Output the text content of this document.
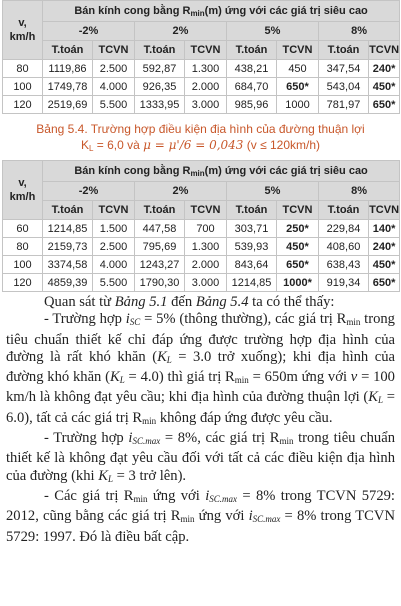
v,
km/h	Bán kính cong bằng $R_{min}(m)$ ứng với các giá trị siêu cao							
	-2%		2%		5%		8%	
	T.toán	TCVN	T.toán	TCVN	T.toán	TCVN	T.toán	TCVN
80	1119,86	2.500	592,87	1.300	438,21	450	347,54	240*
100	1749,78	4.000	926,35	2.000	684,70	650*	543,04	450*
120	2519,69	5.500	1333,95	3.000	985,96	1000	781,97	650*
Bảng 5.4. Trường hợp điều kiện địa hình của đường thuận lợi
$K_L = 6,0$ và μ = μ'/6 = 0,043 (v ≤ 120km/h)
v,
km/h	Bán kính cong bằng $R_{min}(m)$ ứng với các giá trị siêu cao							
	-2%		2%		5%		8%	
	T.toán	TCVN	T.toán	TCVN	T.toán	TCVN	T.toán	TCVN
60	1214,85	1.500	447,58	700	303,71	250*	229,84	140*
80	2159,73	2.500	795,69	1.300	539,93	450*	408,60	240*
100	3374,58	4.000	1243,27	2.000	843,64	650*	638,43	450*
120	4859,39	5.500	1790,30	3.000	1214,85	1000*	919,34	650*

Quan sát từ Bảng 5.1 đến Bảng 5.4 ta có thể thấy:

- Trường hợp iSC = 5% (thông thường), các giá trị Rmin trong tiêu chuẩn thiết kế chỉ đáp ứng được trường hợp địa hình của đường là rất khó khăn (KL = 3.0 trở xuống); khi địa hình của đường khó khăn (KL = 4.0) thì giá trị Rmin = 650m ứng với v = 100 km/h là không đạt yêu cầu; khi địa hình của đường thuận lợi (KL = 6.0), tất cả các giá trị Rmin không đáp ứng được yêu cầu.

- Trường hợp iSC.max = 8%, các giá trị Rmin trong tiêu chuẩn thiết kế là không đạt yêu cầu đối với tất cả các điều kiện địa hình của đường (khi KL = 3 trở lên).

- Các giá trị Rmin ứng với iSC.max = 8% trong TCVN 5729: 2012, cũng bằng các giá trị Rmin ứng với iSC.max = 8% trong TCVN 5729: 1997. Đó là điều bất cập.
